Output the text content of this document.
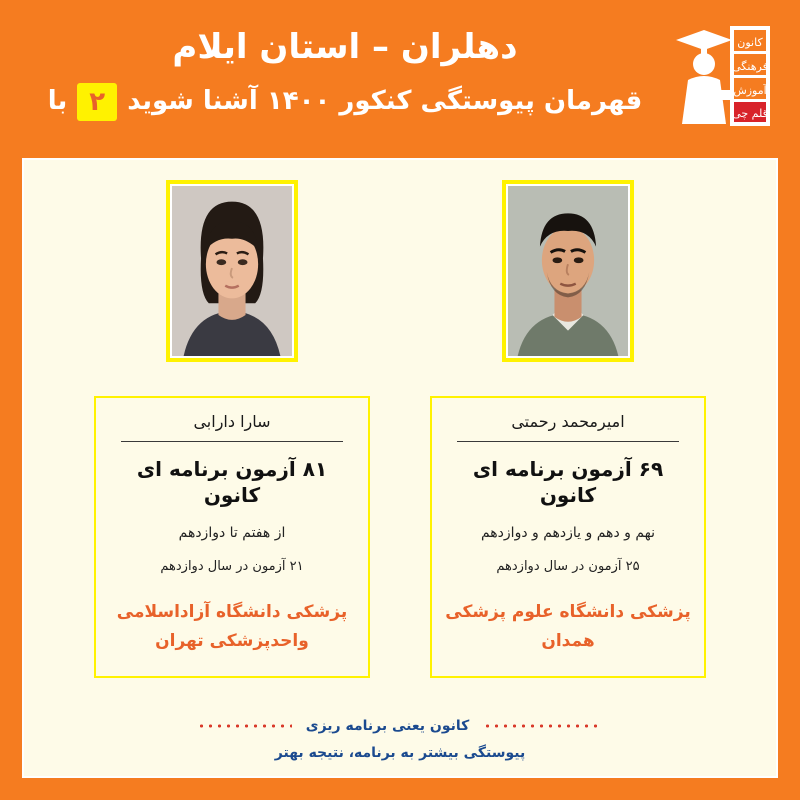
کانون
فرهنگی
آموزش
قلم چی
دهلران – استان ایلام
قهرمان پیوستگی کنکور ۱۴۰۰ آشنا شوید
۲
با
سارا دارابی
۸۱ آزمون برنامه ای کانون
از هفتم تا دوازدهم
۲۱ آزمون در سال دوازدهم
پزشکی دانشگاه آزاداسلامی
واحدپزشکی تهران
امیرمحمد رحمتی
۶۹ آزمون برنامه ای کانون
نهم و دهم و یازدهم و دوازدهم
۲۵ آزمون در سال دوازدهم
پزشکی دانشگاه علوم پزشکی
همدان
کانون یعنی برنامه ریزی
پیوستگی بیشتر به برنامه، نتیجه بهتر
